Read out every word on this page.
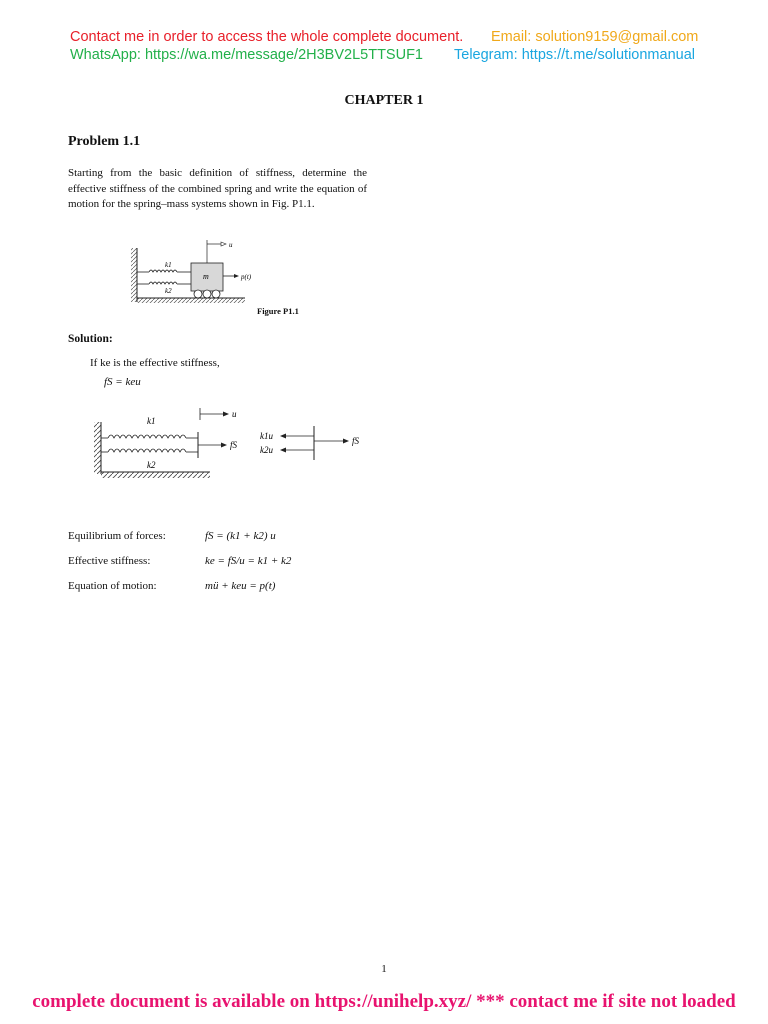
Contact me in order to access the whole complete document. Email: solution9159@gmail.com
WhatsApp: https://wa.me/message/2H3BV2L5TTSUF1 Telegram: https://t.me/solutionmanual
CHAPTER 1
Problem 1.1
Starting from the basic definition of stiffness, determine the effective stiffness of the combined spring and write the equation of motion for the spring–mass systems shown in Fig. P1.1.
u
k1
k2
m	p(t)
Figure P1.1
Solution:
If ke is the effective stiffness,
fS = keu
k1
k2
u
fS
k1u
k2u
fS
Equilibrium of forces:	fS = (k1 + k2) u
Effective stiffness:	ke = fS/u = k1 + k2
Equation of motion:	mü + keu = p(t)
1
complete document is available on https://unihelp.xyz/ *** contact me if site not loaded
